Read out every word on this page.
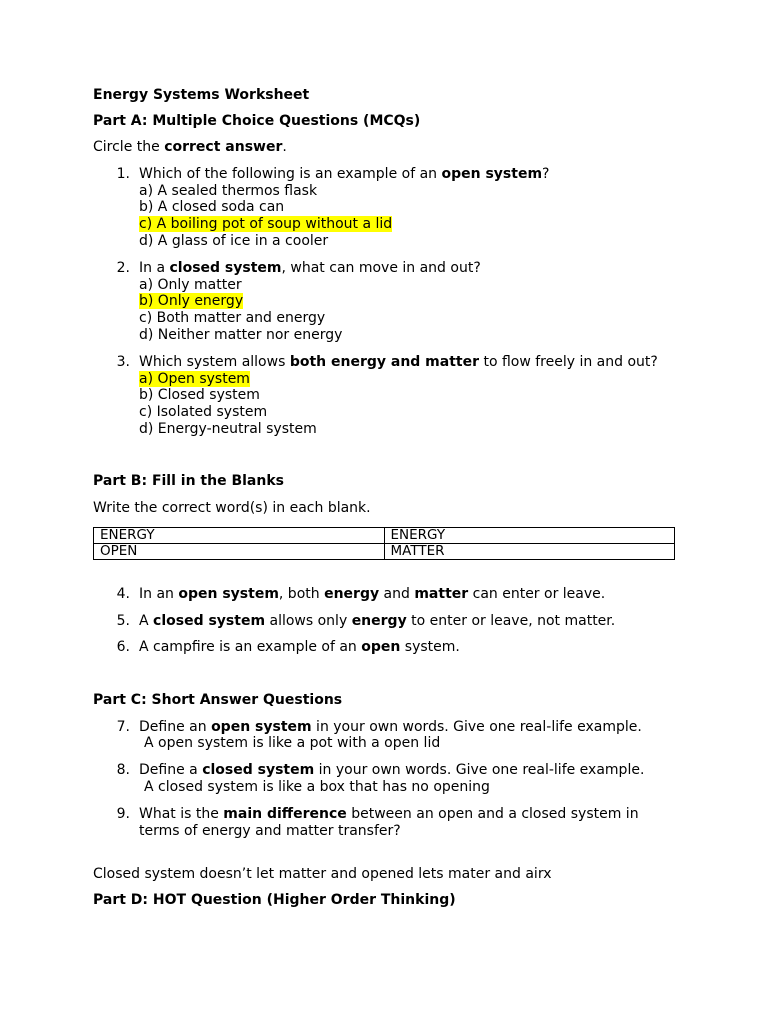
Energy Systems Worksheet
Part A: Multiple Choice Questions (MCQs)
Circle the correct answer.
1. Which of the following is an example of an open system?
a) A sealed thermos flask
b) A closed soda can
c) A boiling pot of soup without a lid
d) A glass of ice in a cooler
2. In a closed system, what can move in and out?
a) Only matter
b) Only energy
c) Both matter and energy
d) Neither matter nor energy
3. Which system allows both energy and matter to flow freely in and out?
a) Open system
b) Closed system
c) Isolated system
d) Energy-neutral system
Part B: Fill in the Blanks
Write the correct word(s) in each blank.
ENERGY	ENERGY
OPEN	MATTER
4. In an open system, both energy and matter can enter or leave.
5. A closed system allows only energy to enter or leave, not matter.
6. A campfire is an example of an open system.
Part C: Short Answer Questions
7. Define an open system in your own words. Give one real-life example.
A open system is like a pot with a open lid
8. Define a closed system in your own words. Give one real-life example.
A closed system is like a box that has no opening
9. What is the main difference between an open and a closed system in
terms of energy and matter transfer?
Closed system doesn’t let matter and opened lets mater and airx
Part D: HOT Question (Higher Order Thinking)
